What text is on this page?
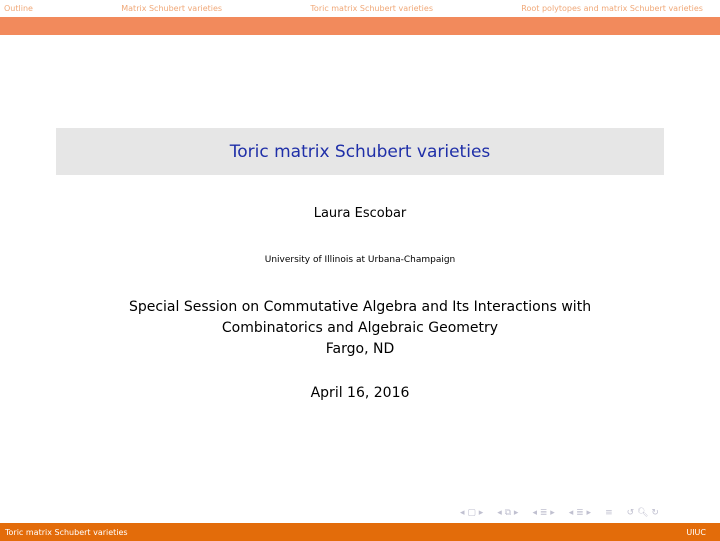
Outline	Matrix Schubert varieties	Toric matrix Schubert varieties	Root polytopes and matrix Schubert varieties
Toric matrix Schubert varieties
Laura Escobar
University of Illinois at Urbana-Champaign
Special Session on Commutative Algebra and Its Interactions with
Combinatorics and Algebraic Geometry
Fargo, ND
April 16, 2016
◂ ▢ ▸ ◂ ⧉ ▸ ◂ ≣ ▸ ◂ ≣ ▸ ≡ ↺ 🔍︎ ↻
Toric matrix Schubert varieties	UIUC
